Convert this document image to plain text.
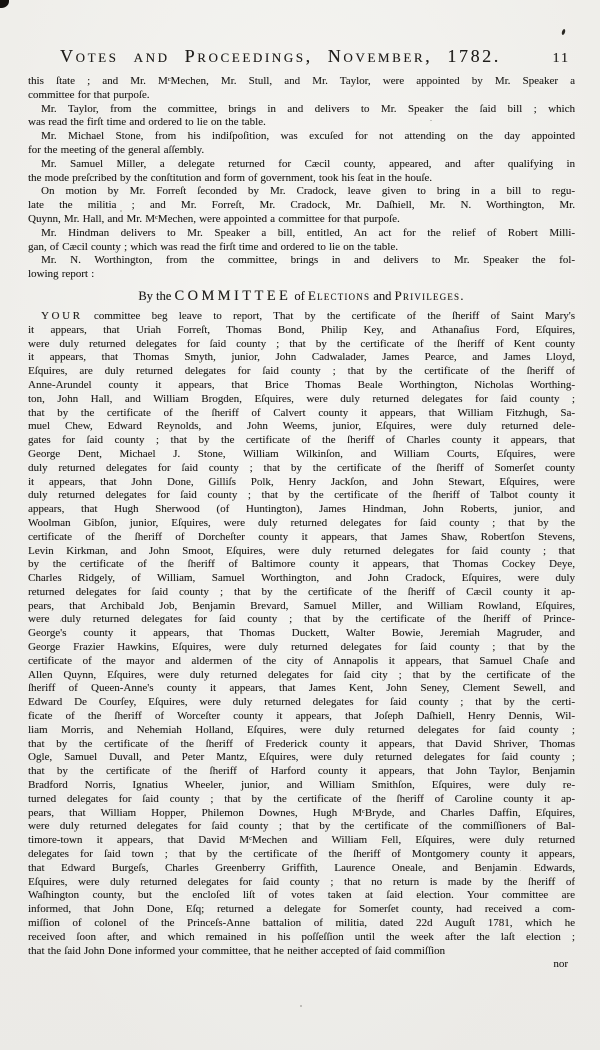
Votes and Proceedings, November, 1782.	11
this ſtate ; and Mr. MᶜMechen, Mr. Stull, and Mr. Taylor, were appointed by Mr. Speaker a
committee for that purpoſe.
Mr. Taylor, from the committee, brings in and delivers to Mr. Speaker the ſaid bill ; which
was read the firſt time and ordered to lie on the table.
Mr. Michael Stone, from his indiſpoſition, was excuſed for not attending on the day appointed
for the meeting of the general aſſembly.
Mr. Samuel Miller, a delegate returned for Cæcil county, appeared, and after qualifying in
the mode preſcribed by the conſtitution and form of government, took his ſeat in the houſe.
On motion by Mr. Forreſt ſeconded by Mr. Cradock, leave given to bring in a bill to regu-
late the militia ; and Mr. Forreſt, Mr. Cradock, Mr. Daſhiell, Mr. N. Worthington, Mr.
Quynn, Mr. Hall, and Mr. MᶜMechen, were appointed a committee for that purpoſe.
Mr. Hindman delivers to Mr. Speaker a bill, entitled, An act for the relief of Robert Milli-
gan, of Cæcil county ; which was read the firſt time and ordered to lie on the table.
Mr. N. Worthington, from the committee, brings in and delivers to Mr. Speaker the fol-
lowing report :
By the COMMITTEE of Elections and Privileges.
YOUR committee beg leave to report, That by the certificate of the ſheriff of Saint Mary's
it appears, that Uriah Forreſt, Thomas Bond, Philip Key, and Athanaſius Ford, Eſquires,
were duly returned delegates for ſaid county ; that by the certificate of the ſheriff of Kent county
it appears, that Thomas Smyth, junior, John Cadwalader, James Pearce, and James Lloyd,
Eſquires, are duly returned delegates for ſaid county ; that by the certificate of the ſheriff of
Anne-Arundel county it appears, that Brice Thomas Beale Worthington, Nicholas Worthing-
ton, John Hall, and William Brogden, Eſquires, were duly returned delegates for ſaid county ;
that by the certificate of the ſheriff of Calvert county it appears, that William Fitzhugh, Sa-
muel Chew, Edward Reynolds, and John Weems, junior, Eſquires, were duly returned dele-
gates for ſaid county ; that by the certificate of the ſheriff of Charles county it appears, that
George Dent, Michael J. Stone, William Wilkinſon, and William Courts, Eſquires, were
duly returned delegates for ſaid county ; that by the certificate of the ſheriff of Somerſet county
it appears, that John Done, Gilliſs Polk, Henry Jackſon, and John Stewart, Eſquires, were
duly returned delegates for ſaid county ; that by the certificate of the ſheriff of Talbot county it
appears, that Hugh Sherwood (of Huntington), James Hindman, John Roberts, junior, and
Woolman Gibſon, junior, Eſquires, were duly returned delegates for ſaid county ; that by the
certificate of the ſheriff of Dorcheſter county it appears, that James Shaw, Robertſon Stevens,
Levin Kirkman, and John Smoot, Eſquires, were duly returned delegates for ſaid county ; that
by the certificate of the ſheriff of Baltimore county it appears, that Thomas Cockey Deye,
Charles Ridgely, of William, Samuel Worthington, and John Cradock, Eſquires, were duly
returned delegates for ſaid county ; that by the certificate of the ſheriff of Cæcil county it ap-
pears, that Archibald Job, Benjamin Brevard, Samuel Miller, and William Rowland, Eſquires,
were duly returned delegates for ſaid county ; that by the certificate of the ſheriff of Prince-
George's county it appears, that Thomas Duckett, Walter Bowie, Jeremiah Magruder, and
George Frazier Hawkins, Eſquires, were duly returned delegates for ſaid county ; that by the
certificate of the mayor and aldermen of the city of Annapolis it appears, that Samuel Chaſe and
Allen Quynn, Eſquires, were duly returned delegates for ſaid city ; that by the certificate of the
ſheriff of Queen-Anne's county it appears, that James Kent, John Seney, Clement Sewell, and
Edward De Courſey, Eſquires, were duly returned delegates for ſaid county ; that by the certi-
ficate of the ſheriff of Worceſter county it appears, that Joſeph Daſhiell, Henry Dennis, Wil-
liam Morris, and Nehemiah Holland, Eſquires, were duly returned delegates for ſaid county ;
that by the certificate of the ſheriff of Frederick county it appears, that David Shriver, Thomas
Ogle, Samuel Duvall, and Peter Mantz, Eſquires, were duly returned delegates for ſaid county ;
that by the certificate of the ſheriff of Harford county it appears, that John Taylor, Benjamin
Bradford Norris, Ignatius Wheeler, junior, and William Smithſon, Eſquires, were duly re-
turned delegates for ſaid county ; that by the certificate of the ſheriff of Caroline county it ap-
pears, that William Hopper, Philemon Downes, Hugh MᶜBryde, and Charles Daffin, Eſquires,
were duly returned delegates for ſaid county ; that by the certificate of the commiſſioners of Bal-
timore-town it appears, that David MᶜMechen and William Fell, Eſquires, were duly returned
delegates for ſaid town ; that by the certificate of the ſheriff of Montgomery county it appears,
that Edward Burgeſs, Charles Greenberry Griffith, Laurence Oneale, and Benjamin Edwards,
Eſquires, were duly returned delegates for ſaid county ; that no return is made by the ſheriff of
Waſhington county, but the encloſed liſt of votes taken at ſaid election. Your committee are
informed, that John Done, Eſq; returned a delegate for Somerſet county, had received a com-
miſſion of colonel of the Princeſs-Anne battalion of militia, dated 22d Auguſt 1781, which he
received ſoon after, and which remained in his poſſeſſion until the week after the laſt election ;
that the ſaid John Done informed your committee, that he neither accepted of ſaid commiſſion
nor
